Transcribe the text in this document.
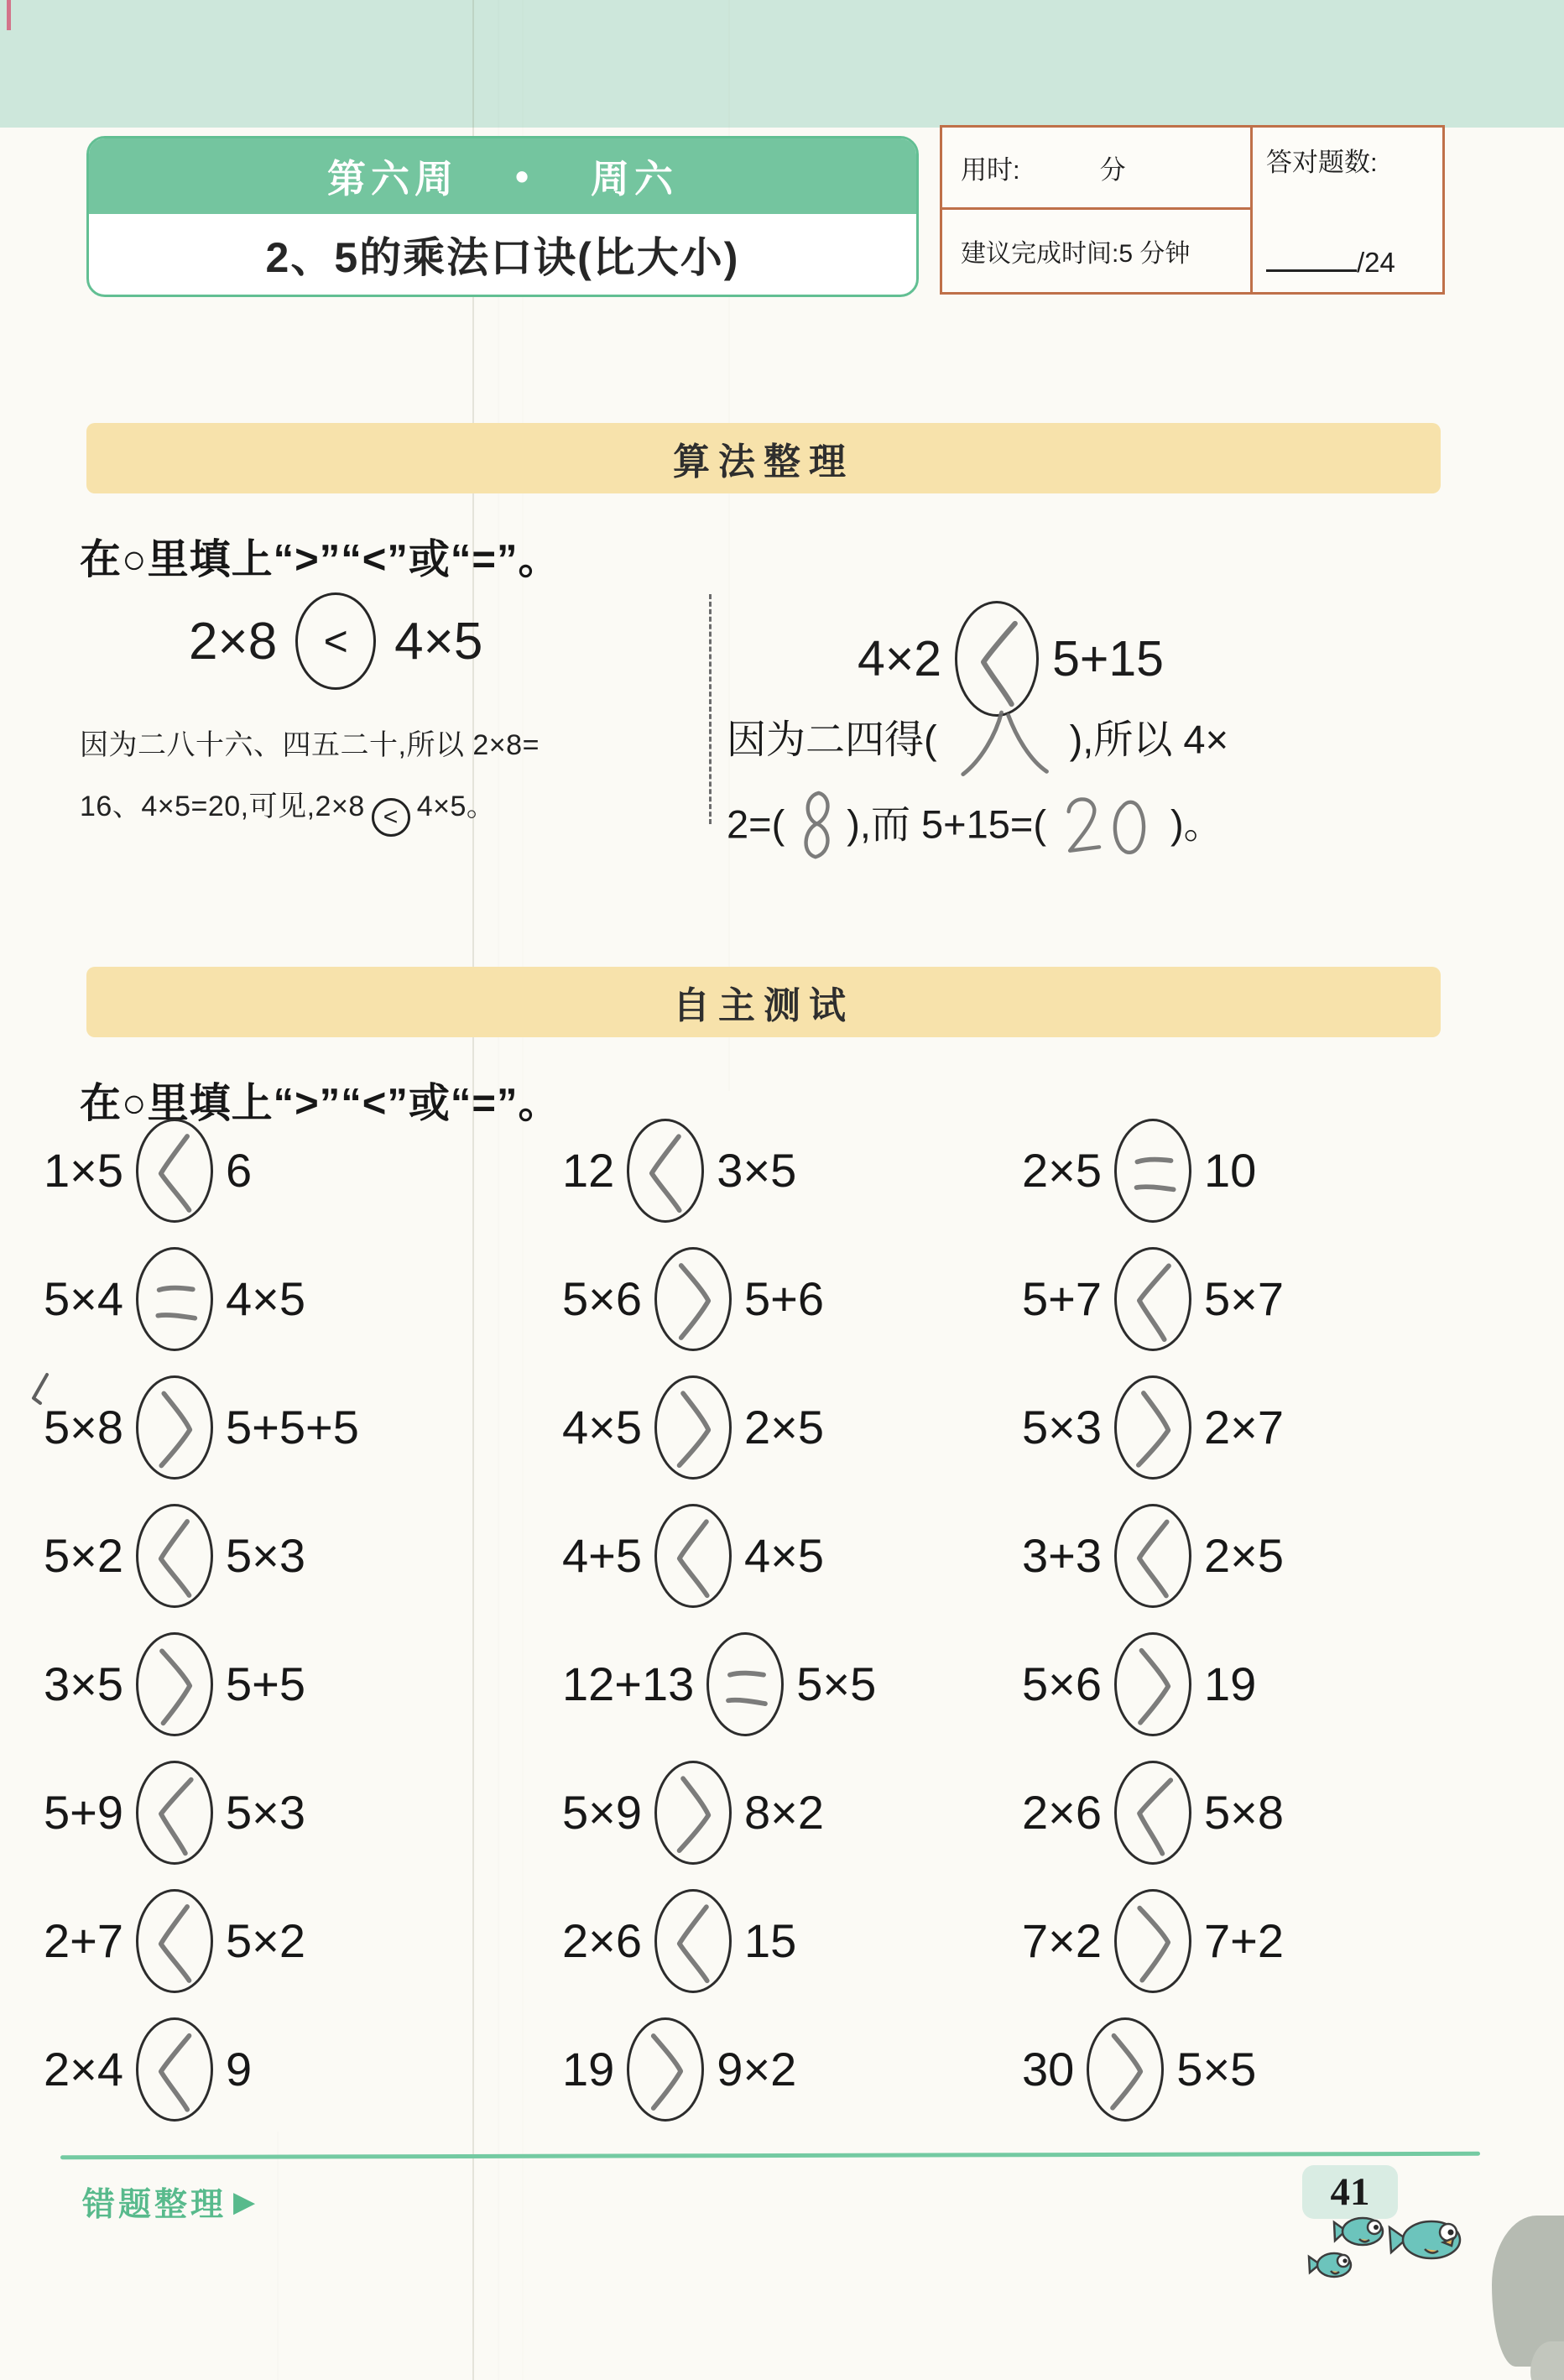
第六周 • 周六
2、5的乘法口诀(比大小)
用时:	分
建议完成时间:5 分钟
答对题数:
/24
算法整理
在○里填上“>”“<”或“=”。
2×8	< 4×5
因为二八十六、四五二十,所以 2×8=
16、4×5=20,可见,2×8 < 4×5。
4×2 5+15
因为二四得(	),所以 4×
2=( ),而 5+15=(	)。
自主测试
在○里填上“>”“<”或“=”。
1×5 6	12 3×5	2×5 10
5×4 4×5	5×6 5+6	5+7 5×7
5×8 5+5+5	4×5 2×5	5×3 2×7
5×2 5×3	4+5 4×5	3+3 2×5
3×5 5+5	12+13 5×5	5×6 19
5+9 5×3	5×9 8×2	2×6 5×8
2+7 5×2	2×6 15	7×2 7+2
2×4 9	19 9×2	30 5×5
错题整理 ▶	41
